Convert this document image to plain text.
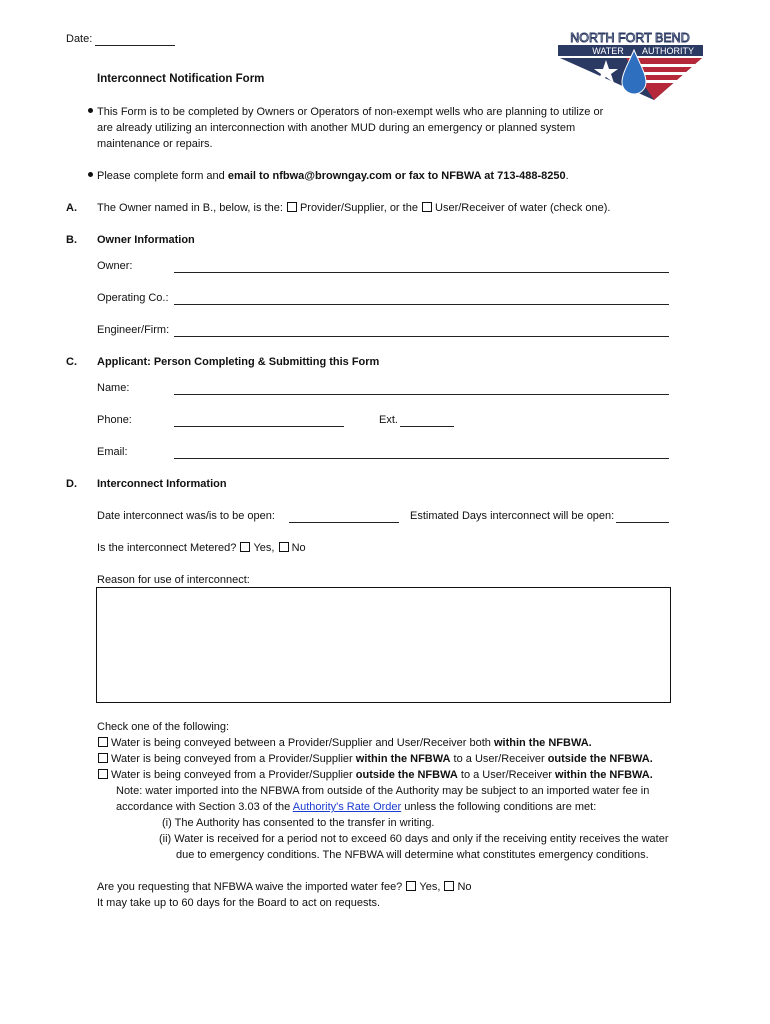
Date:	NORTH FORT BEND
WATER AUTHORITY
Interconnect Notification Form
This Form is to be completed by Owners or Operators of non-exempt wells who are planning to utilize or
are already utilizing an interconnection with another MUD during an emergency or planned system
maintenance or repairs.
Please complete form and email to nfbwa@browngay.com or fax to NFBWA at 713-488-8250.
A. The Owner named in B., below, is the: Provider/Supplier, or the User/Receiver of water (check one).
B. Owner Information
Owner:
Operating Co.:
Engineer/Firm:
C. Applicant: Person Completing & Submitting this Form
Name:
Phone:	Ext.
Email:
D. Interconnect Information
Date interconnect was/is to be open:	Estimated Days interconnect will be open:
Is the interconnect Metered? Yes, No
Reason for use of interconnect:
Check one of the following:
Water is being conveyed between a Provider/Supplier and User/Receiver both within the NFBWA.
Water is being conveyed from a Provider/Supplier within the NFBWA to a User/Receiver outside the NFBWA.
Water is being conveyed from a Provider/Supplier outside the NFBWA to a User/Receiver within the NFBWA.
Note: water imported into the NFBWA from outside of the Authority may be subject to an imported water fee in
accordance with Section 3.03 of the Authority's Rate Order unless the following conditions are met:
(i) The Authority has consented to the transfer in writing.
(ii) Water is received for a period not to exceed 60 days and only if the receiving entity receives the water
due to emergency conditions. The NFBWA will determine what constitutes emergency conditions.
Are you requesting that NFBWA waive the imported water fee? Yes, No
It may take up to 60 days for the Board to act on requests.
